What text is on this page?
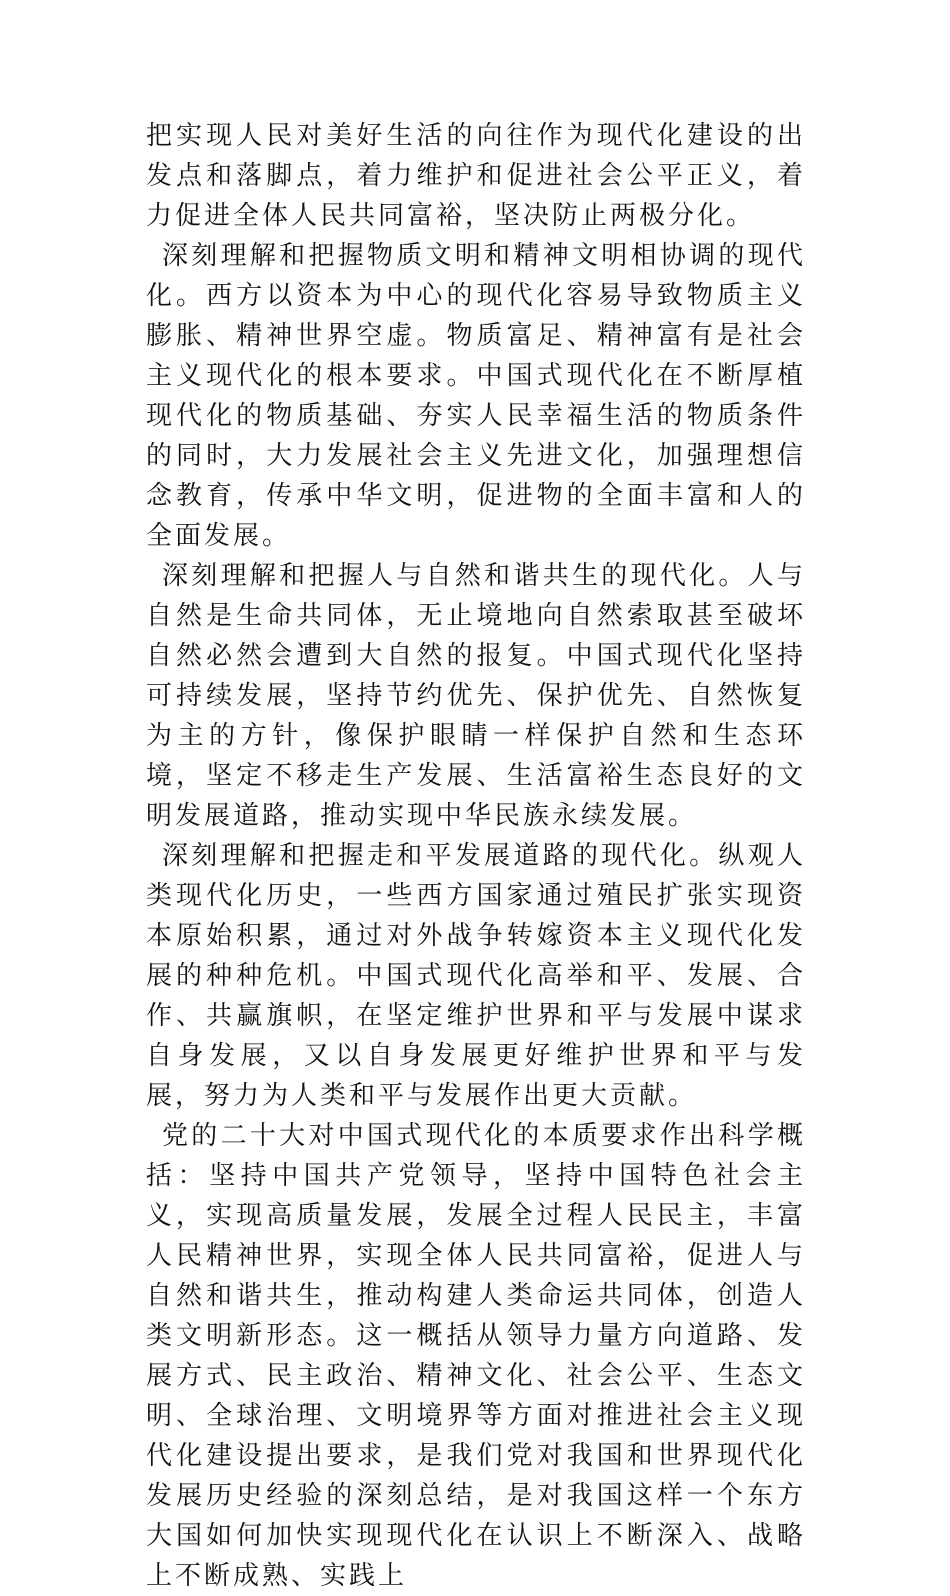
把实现人民对美好生活的向往作为现代化建设的出发点和落脚点，着力维护和促进社会公平正义，着力促进全体人民共同富裕，坚决防止两极分化。

深刻理解和把握物质文明和精神文明相协调的现代化。西方以资本为中心的现代化容易导致物质主义膨胀、精神世界空虚。物质富足、精神富有是社会主义现代化的根本要求。中国式现代化在不断厚植现代化的物质基础、夯实人民幸福生活的物质条件的同时，大力发展社会主义先进文化，加强理想信念教育，传承中华文明，促进物的全面丰富和人的全面发展。

深刻理解和把握人与自然和谐共生的现代化。人与自然是生命共同体，无止境地向自然索取甚至破坏自然必然会遭到大自然的报复。中国式现代化坚持可持续发展，坚持节约优先、保护优先、自然恢复为主的方针，像保护眼睛一样保护自然和生态环境，坚定不移走生产发展、生活富裕生态良好的文明发展道路，推动实现中华民族永续发展。

深刻理解和把握走和平发展道路的现代化。纵观人类现代化历史，一些西方国家通过殖民扩张实现资本原始积累，通过对外战争转嫁资本主义现代化发展的种种危机。中国式现代化高举和平、发展、合作、共赢旗帜，在坚定维护世界和平与发展中谋求自身发展，又以自身发展更好维护世界和平与发展，努力为人类和平与发展作出更大贡献。

党的二十大对中国式现代化的本质要求作出科学概括：坚持中国共产党领导，坚持中国特色社会主义，实现高质量发展，发展全过程人民民主，丰富人民精神世界，实现全体人民共同富裕，促进人与自然和谐共生，推动构建人类命运共同体，创造人类文明新形态。这一概括从领导力量方向道路、发展方式、民主政治、精神文化、社会公平、生态文明、全球治理、文明境界等方面对推进社会主义现代化建设提出要求，是我们党对我国和世界现代化发展历史经验的深刻总结，是对我国这样一个东方大国如何加快实现现代化在认识上不断深入、战略上不断成熟、实践上
